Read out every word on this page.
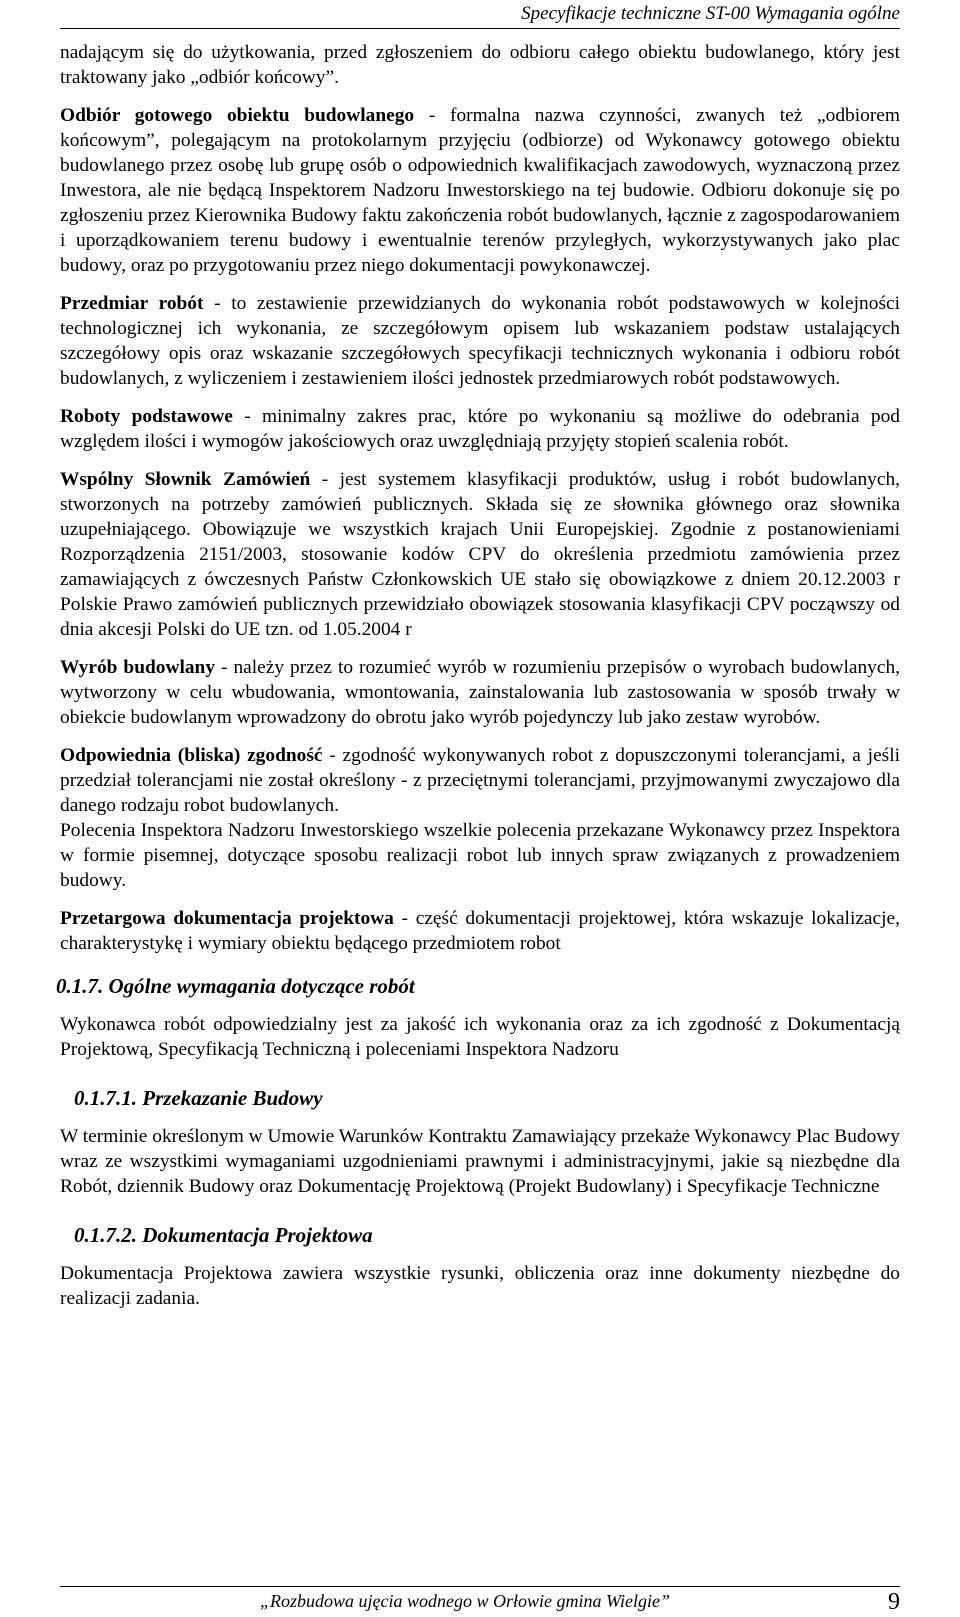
Specyfikacje techniczne ST-00 Wymagania ogólne

nadającym się do użytkowania, przed zgłoszeniem do odbioru całego obiektu budowlanego, który jest traktowany jako „odbiór końcowy”.

Odbiór gotowego obiektu budowlanego - formalna nazwa czynności, zwanych też „odbiorem końcowym”, polegającym na protokolarnym przyjęciu (odbiorze) od Wykonawcy gotowego obiektu budowlanego przez osobę lub grupę osób o odpowiednich kwalifikacjach zawodowych, wyznaczoną przez Inwestora, ale nie będącą Inspektorem Nadzoru Inwestorskiego na tej budowie. Odbioru dokonuje się po zgłoszeniu przez Kierownika Budowy faktu zakończenia robót budowlanych, łącznie z zagospodarowaniem i uporządkowaniem terenu budowy i ewentualnie terenów przyległych, wykorzystywanych jako plac budowy, oraz po przygotowaniu przez niego dokumentacji powykonawczej.

Przedmiar robót - to zestawienie przewidzianych do wykonania robót podstawowych w kolejności technologicznej ich wykonania, ze szczegółowym opisem lub wskazaniem podstaw ustalających szczegółowy opis oraz wskazanie szczegółowych specyfikacji technicznych wykonania i odbioru robót budowlanych, z wyliczeniem i zestawieniem ilości jednostek przedmiarowych robót podstawowych.

Roboty podstawowe - minimalny zakres prac, które po wykonaniu są możliwe do odebrania pod względem ilości i wymogów jakościowych oraz uwzględniają przyjęty stopień scalenia robót.

Wspólny Słownik Zamówień - jest systemem klasyfikacji produktów, usług i robót budowlanych, stworzonych na potrzeby zamówień publicznych. Składa się ze słownika głównego oraz słownika uzupełniającego. Obowiązuje we wszystkich krajach Unii Europejskiej. Zgodnie z postanowieniami Rozporządzenia 2151/2003, stosowanie kodów CPV do określenia przedmiotu zamówienia przez zamawiających z ówczesnych Państw Członkowskich UE stało się obowiązkowe z dniem 20.12.2003 r Polskie Prawo zamówień publicznych przewidziało obowiązek stosowania klasyfikacji CPV począwszy od dnia akcesji Polski do UE tzn. od 1.05.2004 r

Wyrób budowlany - należy przez to rozumieć wyrób w rozumieniu przepisów o wyrobach budowlanych, wytworzony w celu wbudowania, wmontowania, zainstalowania lub zastosowania w sposób trwały w obiekcie budowlanym wprowadzony do obrotu jako wyrób pojedynczy lub jako zestaw wyrobów.

Odpowiednia (bliska) zgodność - zgodność wykonywanych robot z dopuszczonymi tolerancjami, a jeśli przedział tolerancjami nie został określony - z przeciętnymi tolerancjami, przyjmowanymi zwyczajowo dla danego rodzaju robot budowlanych.

Polecenia Inspektora Nadzoru Inwestorskiego wszelkie polecenia przekazane Wykonawcy przez Inspektora w formie pisemnej, dotyczące sposobu realizacji robot lub innych spraw związanych z prowadzeniem budowy.

Przetargowa dokumentacja projektowa - część dokumentacji projektowej, która wskazuje lokalizacje, charakterystykę i wymiary obiektu będącego przedmiotem robot

0.1.7. Ogólne wymagania dotyczące robót

Wykonawca robót odpowiedzialny jest za jakość ich wykonania oraz za ich zgodność z Dokumentacją Projektową, Specyfikacją Techniczną i poleceniami Inspektora Nadzoru

0.1.7.1. Przekazanie Budowy

W terminie określonym w Umowie Warunków Kontraktu Zamawiający przekaże Wykonawcy Plac Budowy wraz ze wszystkimi wymaganiami uzgodnieniami prawnymi i administracyjnymi, jakie są niezbędne dla Robót, dziennik Budowy oraz Dokumentację Projektową (Projekt Budowlany) i Specyfikacje Techniczne

0.1.7.2. Dokumentacja Projektowa

Dokumentacja Projektowa zawiera wszystkie rysunki, obliczenia oraz inne dokumenty niezbędne do realizacji zadania.

„Rozbudowa ujęcia wodnego w Orłowie gmina Wielgie”	9
